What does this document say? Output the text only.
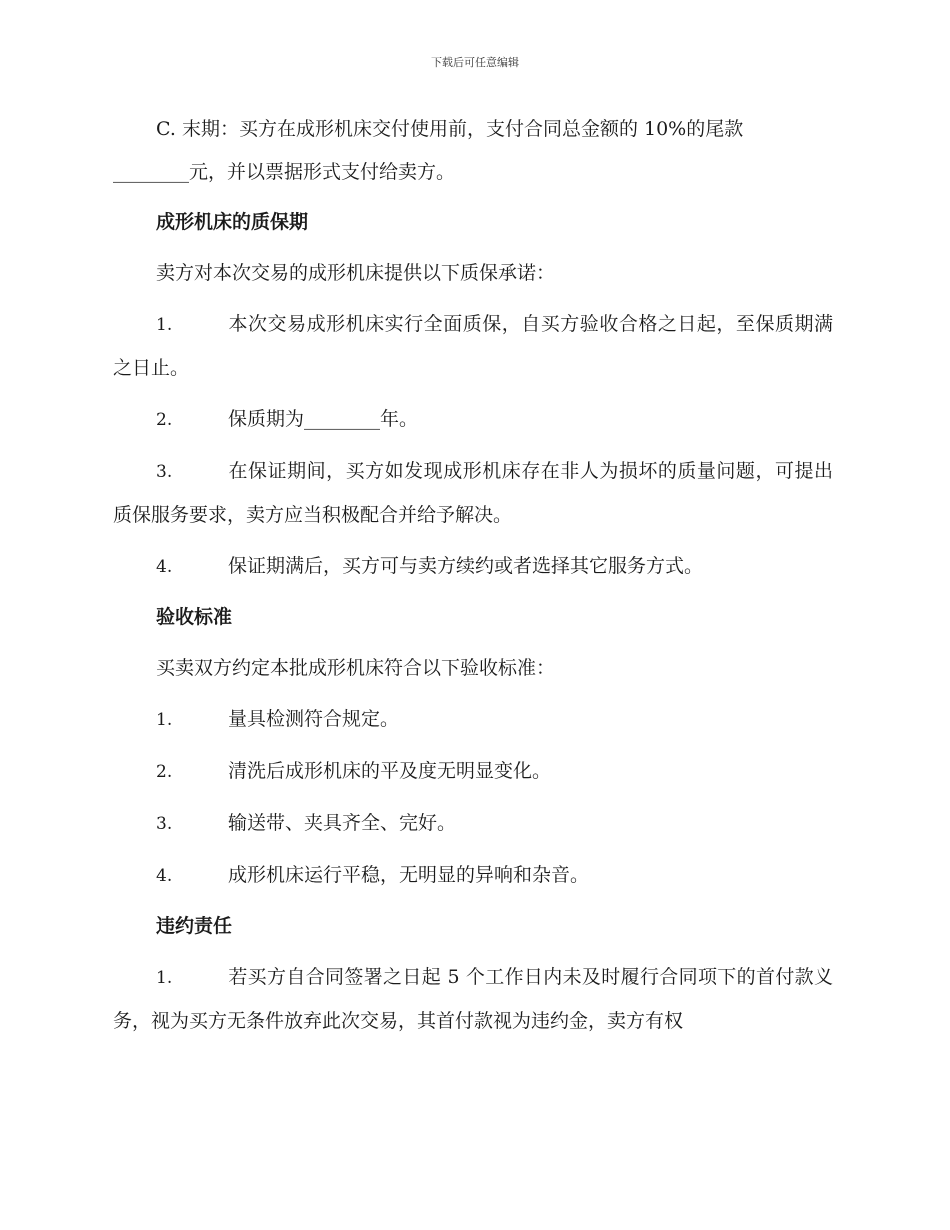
下载后可任意编辑

C. 末期：买方在成形机床交付使用前，支付合同总金额的 10%的尾款
________元，并以票据形式支付给卖方。

成形机床的质保期

卖方对本次交易的成形机床提供以下质保承诺：

1.	本次交易成形机床实行全面质保，自买方验收合格之日起，至保质期满之日止。

2.	保质期为________年。

3.	在保证期间，买方如发现成形机床存在非人为损坏的质量问题，可提出质保服务要求，卖方应当积极配合并给予解决。

4.	保证期满后，买方可与卖方续约或者选择其它服务方式。

验收标准

买卖双方约定本批成形机床符合以下验收标准：

1.	量具检测符合规定。

2.	清洗后成形机床的平及度无明显变化。

3.	输送带、夹具齐全、完好。

4.	成形机床运行平稳，无明显的异响和杂音。

违约责任

1.	若买方自合同签署之日起 5 个工作日内未及时履行合同项下的首付款义务，视为买方无条件放弃此次交易，其首付款视为违约金，卖方有权
